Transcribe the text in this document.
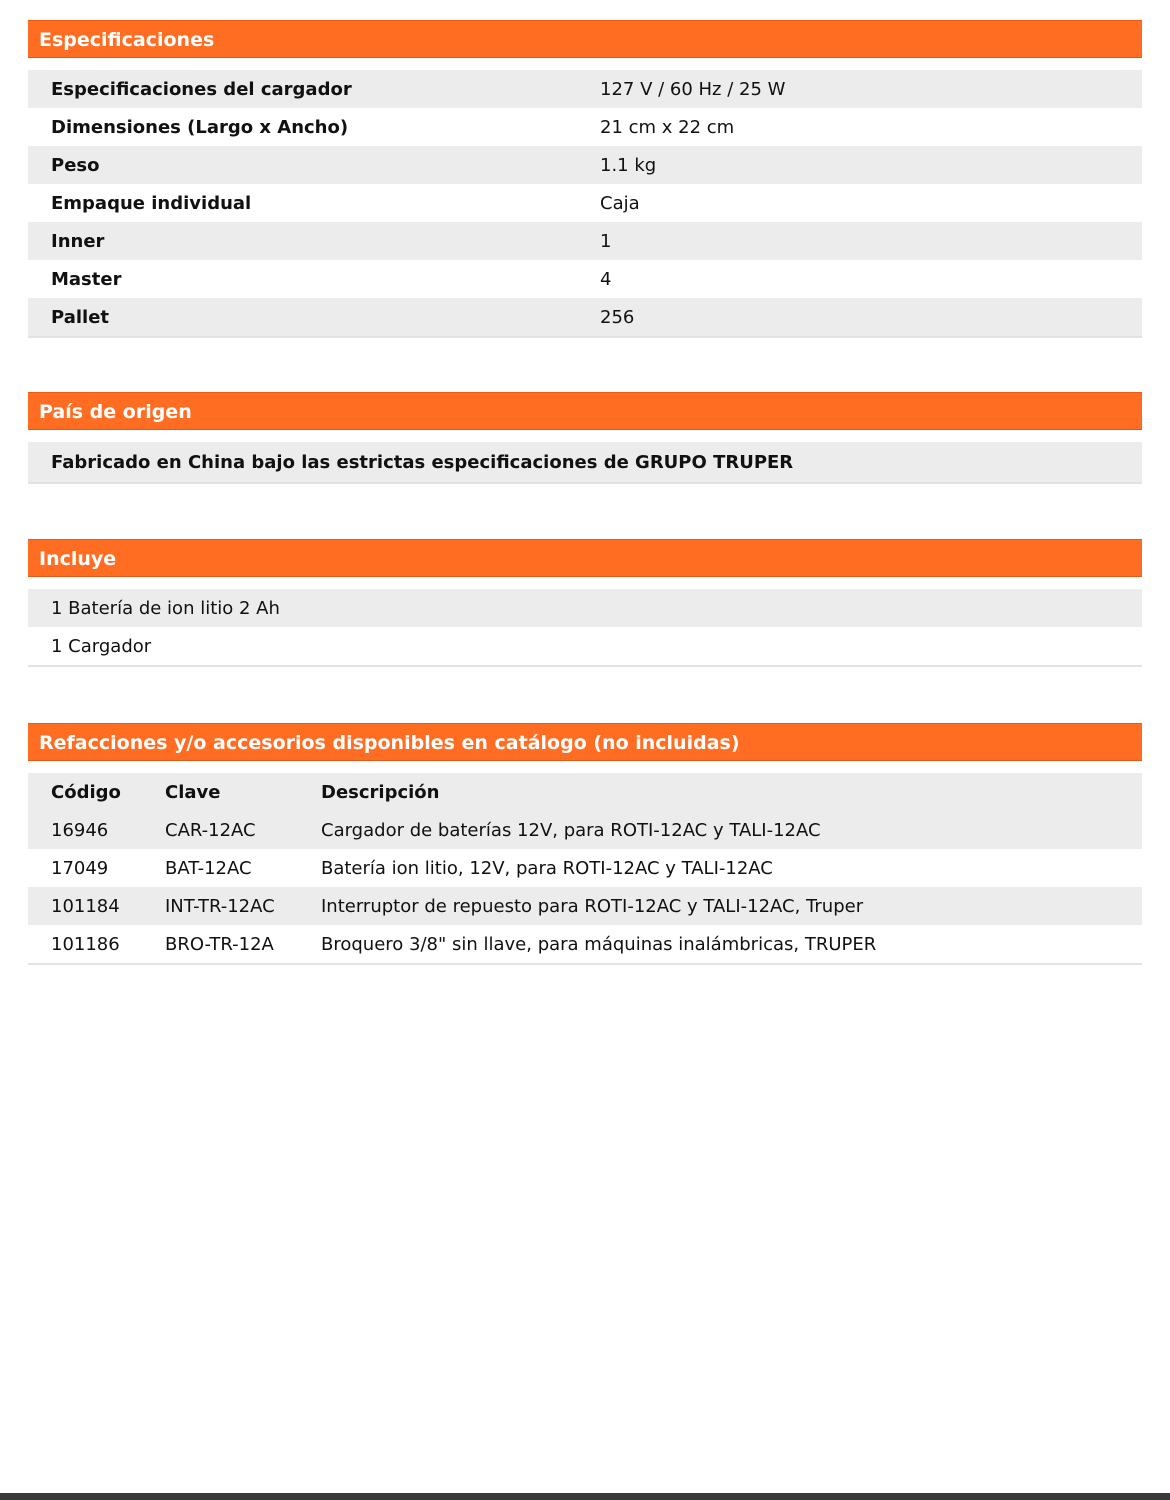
Especificaciones
Especificaciones del cargador	127 V / 60 Hz / 25 W
Dimensiones (Largo x Ancho)	21 cm x 22 cm
Peso	1.1 kg
Empaque individual	Caja
Inner	1
Master	4
Pallet	256
País de origen
Fabricado en China bajo las estrictas especificaciones de GRUPO TRUPER
Incluye
1 Batería de ion litio 2 Ah
1 Cargador
Refacciones y/o accesorios disponibles en catálogo (no incluidas)
Código	Clave	Descripción
16946	CAR-12AC	Cargador de baterías 12V, para ROTI-12AC y TALI-12AC
17049	BAT-12AC	Batería ion litio, 12V, para ROTI-12AC y TALI-12AC
101184	INT-TR-12AC	Interruptor de repuesto para ROTI-12AC y TALI-12AC, Truper
101186	BRO-TR-12A	Broquero 3/8" sin llave, para máquinas inalámbricas, TRUPER
